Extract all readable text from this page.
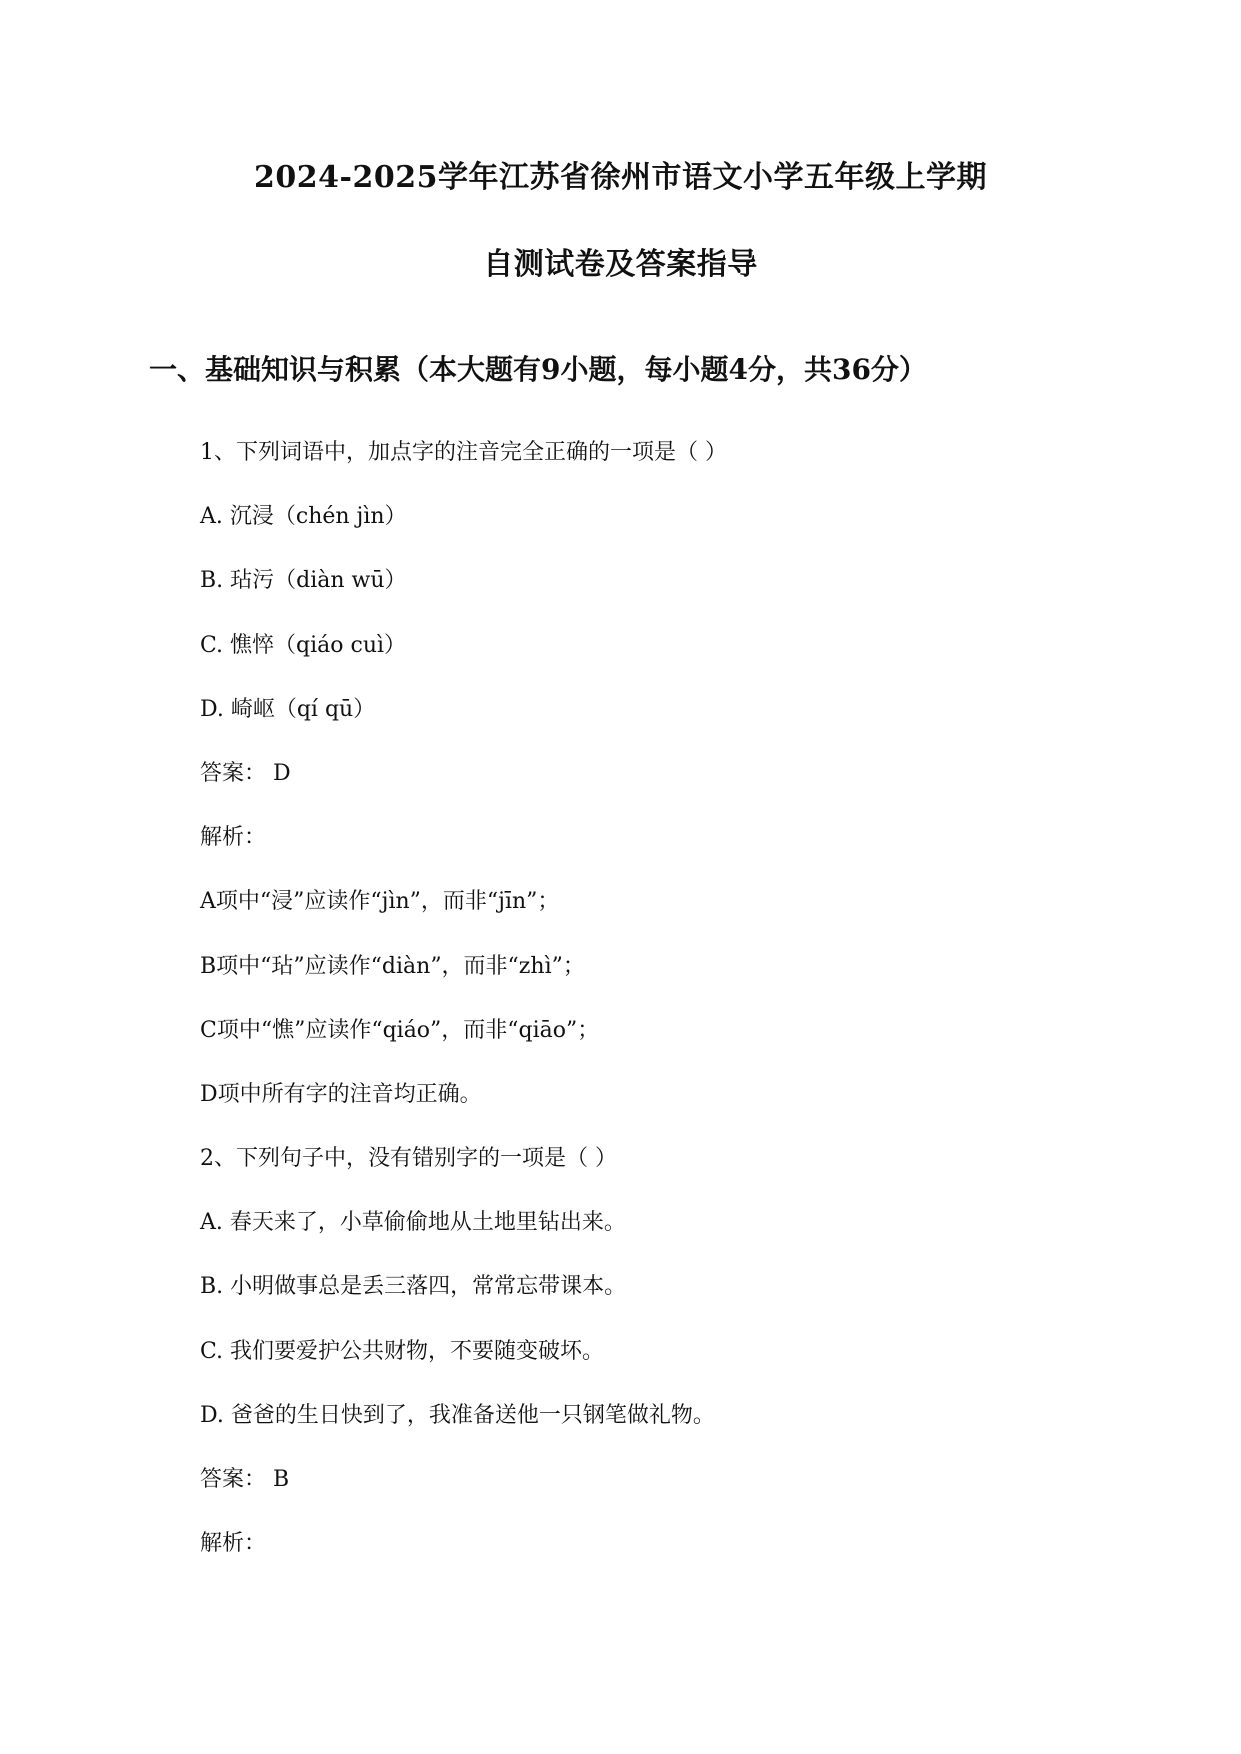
2024-2025学年江苏省徐州市语文小学五年级上学期
自测试卷及答案指导
一、基础知识与积累（本大题有9小题，每小题4分，共36分）
1、下列词语中，加点字的注音完全正确的一项是（ ）
A. 沉浸（chén jìn）
B. 玷污（diàn wū）
C. 憔悴（qiáo cuì）
D. 崎岖（qí qū）
答案： D
解析：
A项中“浸”应读作“jìn”，而非“jīn”；
B项中“玷”应读作“diàn”，而非“zhì”；
C项中“憔”应读作“qiáo”，而非“qiāo”；
D项中所有字的注音均正确。
2、下列句子中，没有错别字的一项是（ ）
A. 春天来了，小草偷偷地从土地里钻出来。
B. 小明做事总是丢三落四，常常忘带课本。
C. 我们要爱护公共财物，不要随变破坏。
D. 爸爸的生日快到了，我准备送他一只钢笔做礼物。
答案： B
解析：
